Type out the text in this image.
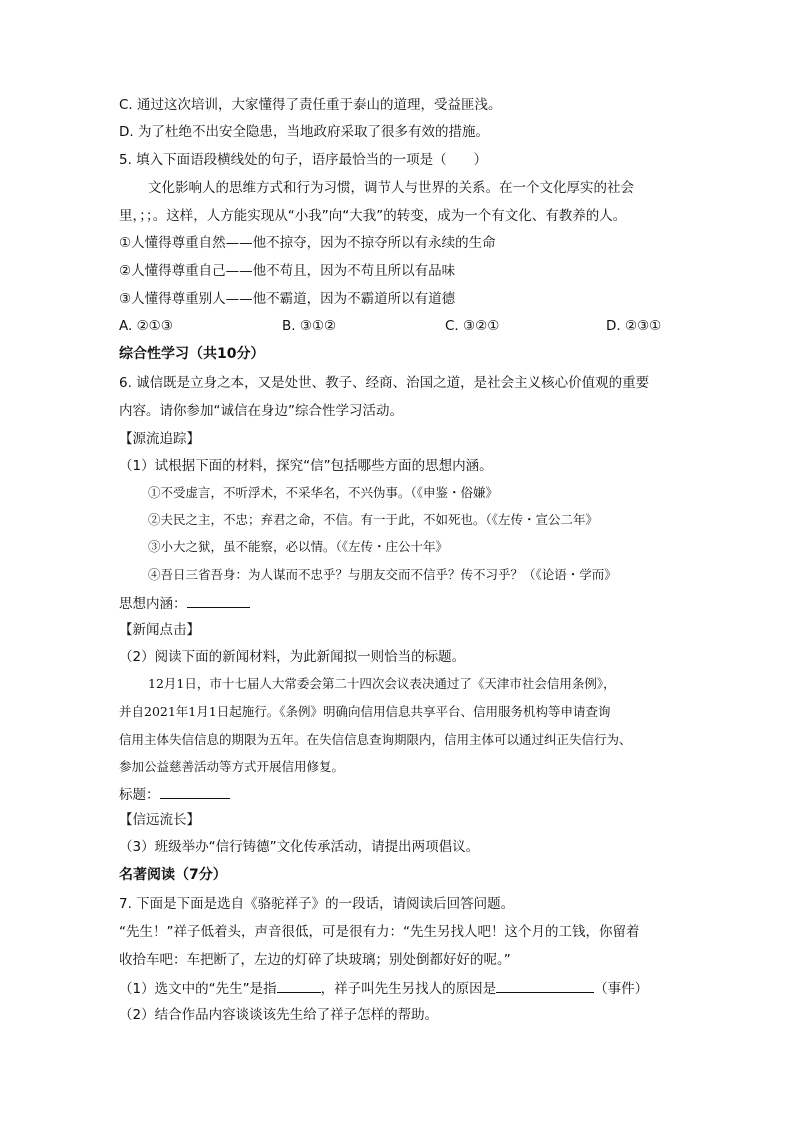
C. 通过这次培训，大家懂得了责任重于泰山的道理，受益匪浅。
D. 为了杜绝不出安全隐患，当地政府采取了很多有效的措施。
5. 填入下面语段横线处的句子，语序最恰当的一项是（　　）
文化影响人的思维方式和行为习惯，调节人与世界的关系。在一个文化厚实的社会
里，；；。这样，人方能实现从“小我”向“大我”的转变，成为一个有文化、有教养的人。
①人懂得尊重自然——他不掠夺，因为不掠夺所以有永续的生命
②人懂得尊重自己——他不苟且，因为不苟且所以有品味
③人懂得尊重别人——他不霸道，因为不霸道所以有道德
A. ②①③	B. ③①②	C. ③②①	D. ②③①
综合性学习（共10分）
6. 诚信既是立身之本，又是处世、教子、经商、治国之道，是社会主义核心价值观的重要
内容。请你参加“诚信在身边”综合性学习活动。
【源流追踪】
（1）试根据下面的材料，探究“信”包括哪些方面的思想内涵。
①不受虚言，不听浮术，不采华名，不兴伪事。（《申鉴・俗嫌》
②夫民之主，不忠；弃君之命，不信。有一于此，不如死也。（《左传・宣公二年》
③小大之狱，虽不能察，必以情。（《左传・庄公十年》
④吾日三省吾身：为人谋而不忠乎？与朋友交而不信乎？传不习乎？（《论语・学而》
思想内涵：
【新闻点击】
（2）阅读下面的新闻材料，为此新闻拟一则恰当的标题。
12月1日，市十七届人大常委会第二十四次会议表决通过了《天津市社会信用条例》，
并自2021年1月1日起施行。《条例》明确向信用信息共享平台、信用服务机构等申请查询
信用主体失信信息的期限为五年。在失信信息查询期限内，信用主体可以通过纠正失信行为、
参加公益慈善活动等方式开展信用修复。
标题：
【信远流长】
（3）班级举办“信行铸德”文化传承活动，请提出两项倡议。
名著阅读（7分）
7. 下面是下面是选自《骆驼祥子》的一段话，请阅读后回答问题。
“先生！”祥子低着头，声音很低，可是很有力：“先生另找人吧！这个月的工钱，你留着
收拾车吧：车把断了，左边的灯碎了块玻璃；别处倒都好好的呢。”
（1）选文中的“先生”是指	，祥子叫先生另找人的原因是	（事件）
（2）结合作品内容谈谈该先生给了祥子怎样的帮助。
